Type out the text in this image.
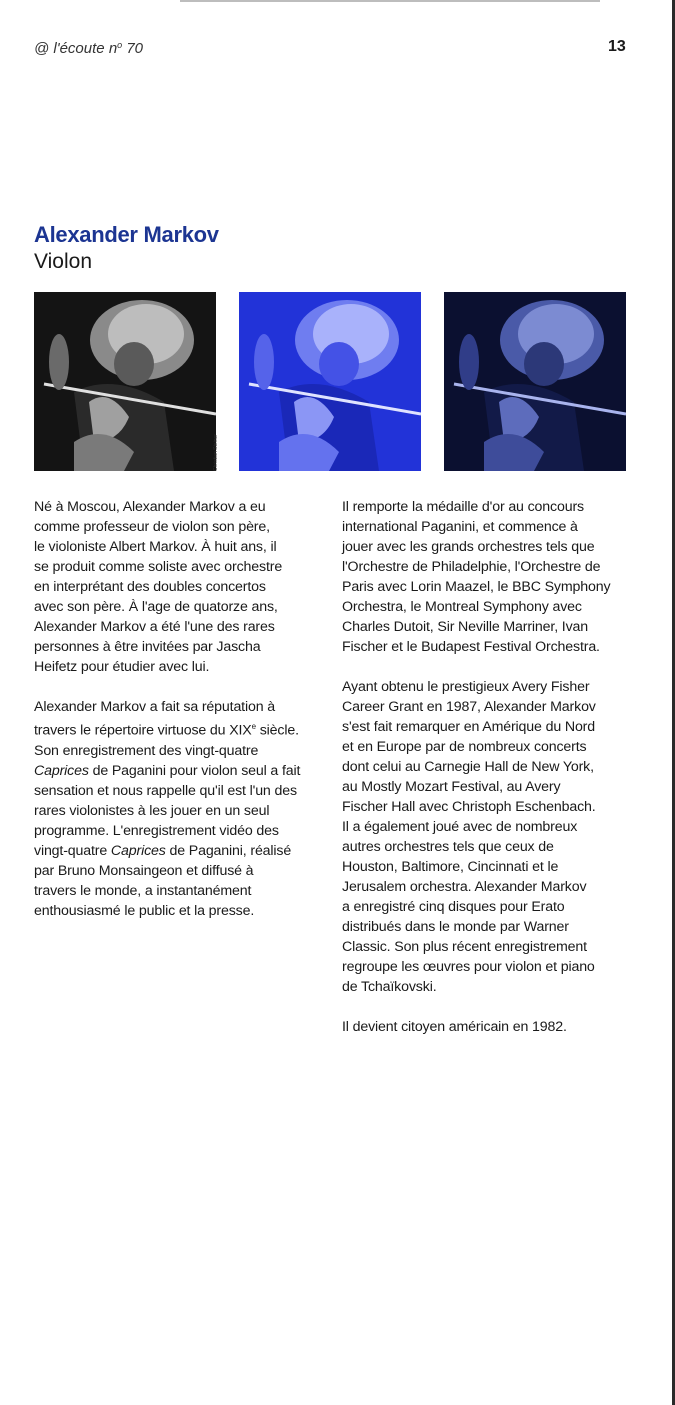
@ l'écoute $n^o$ 70	13
Alexander Markov
Violon
Christian Steiner

Né à Moscou, Alexander Markov a eu
comme professeur de violon son père,
le violoniste Albert Markov. À huit ans, il
se produit comme soliste avec orchestre
en interprétant des doubles concertos
avec son père. À l'age de quatorze ans,
Alexander Markov a été l'une des rares
personnes à être invitées par Jascha
Heifetz pour étudier avec lui.

Alexander Markov a fait sa réputation à
travers le répertoire virtuose du XIXe siècle.
Son enregistrement des vingt-quatre
Caprices de Paganini pour violon seul a fait
sensation et nous rappelle qu'il est l'un des
rares violonistes à les jouer en un seul
programme. L'enregistrement vidéo des
vingt-quatre Caprices de Paganini, réalisé
par Bruno Monsaingeon et diffusé à
travers le monde, a instantanément
enthousiasmé le public et la presse.

Il remporte la médaille d'or au concours
international Paganini, et commence à
jouer avec les grands orchestres tels que
l'Orchestre de Philadelphie, l'Orchestre de
Paris avec Lorin Maazel, le BBC Symphony
Orchestra, le Montreal Symphony avec
Charles Dutoit, Sir Neville Marriner, Ivan
Fischer et le Budapest Festival Orchestra.

Ayant obtenu le prestigieux Avery Fisher
Career Grant en 1987, Alexander Markov
s'est fait remarquer en Amérique du Nord
et en Europe par de nombreux concerts
dont celui au Carnegie Hall de New York,
au Mostly Mozart Festival, au Avery
Fischer Hall avec Christoph Eschenbach.
Il a également joué avec de nombreux
autres orchestres tels que ceux de
Houston, Baltimore, Cincinnati et le
Jerusalem orchestra. Alexander Markov
a enregistré cinq disques pour Erato
distribués dans le monde par Warner
Classic. Son plus récent enregistrement
regroupe les œuvres pour violon et piano
de Tchaïkovski.

Il devient citoyen américain en 1982.
